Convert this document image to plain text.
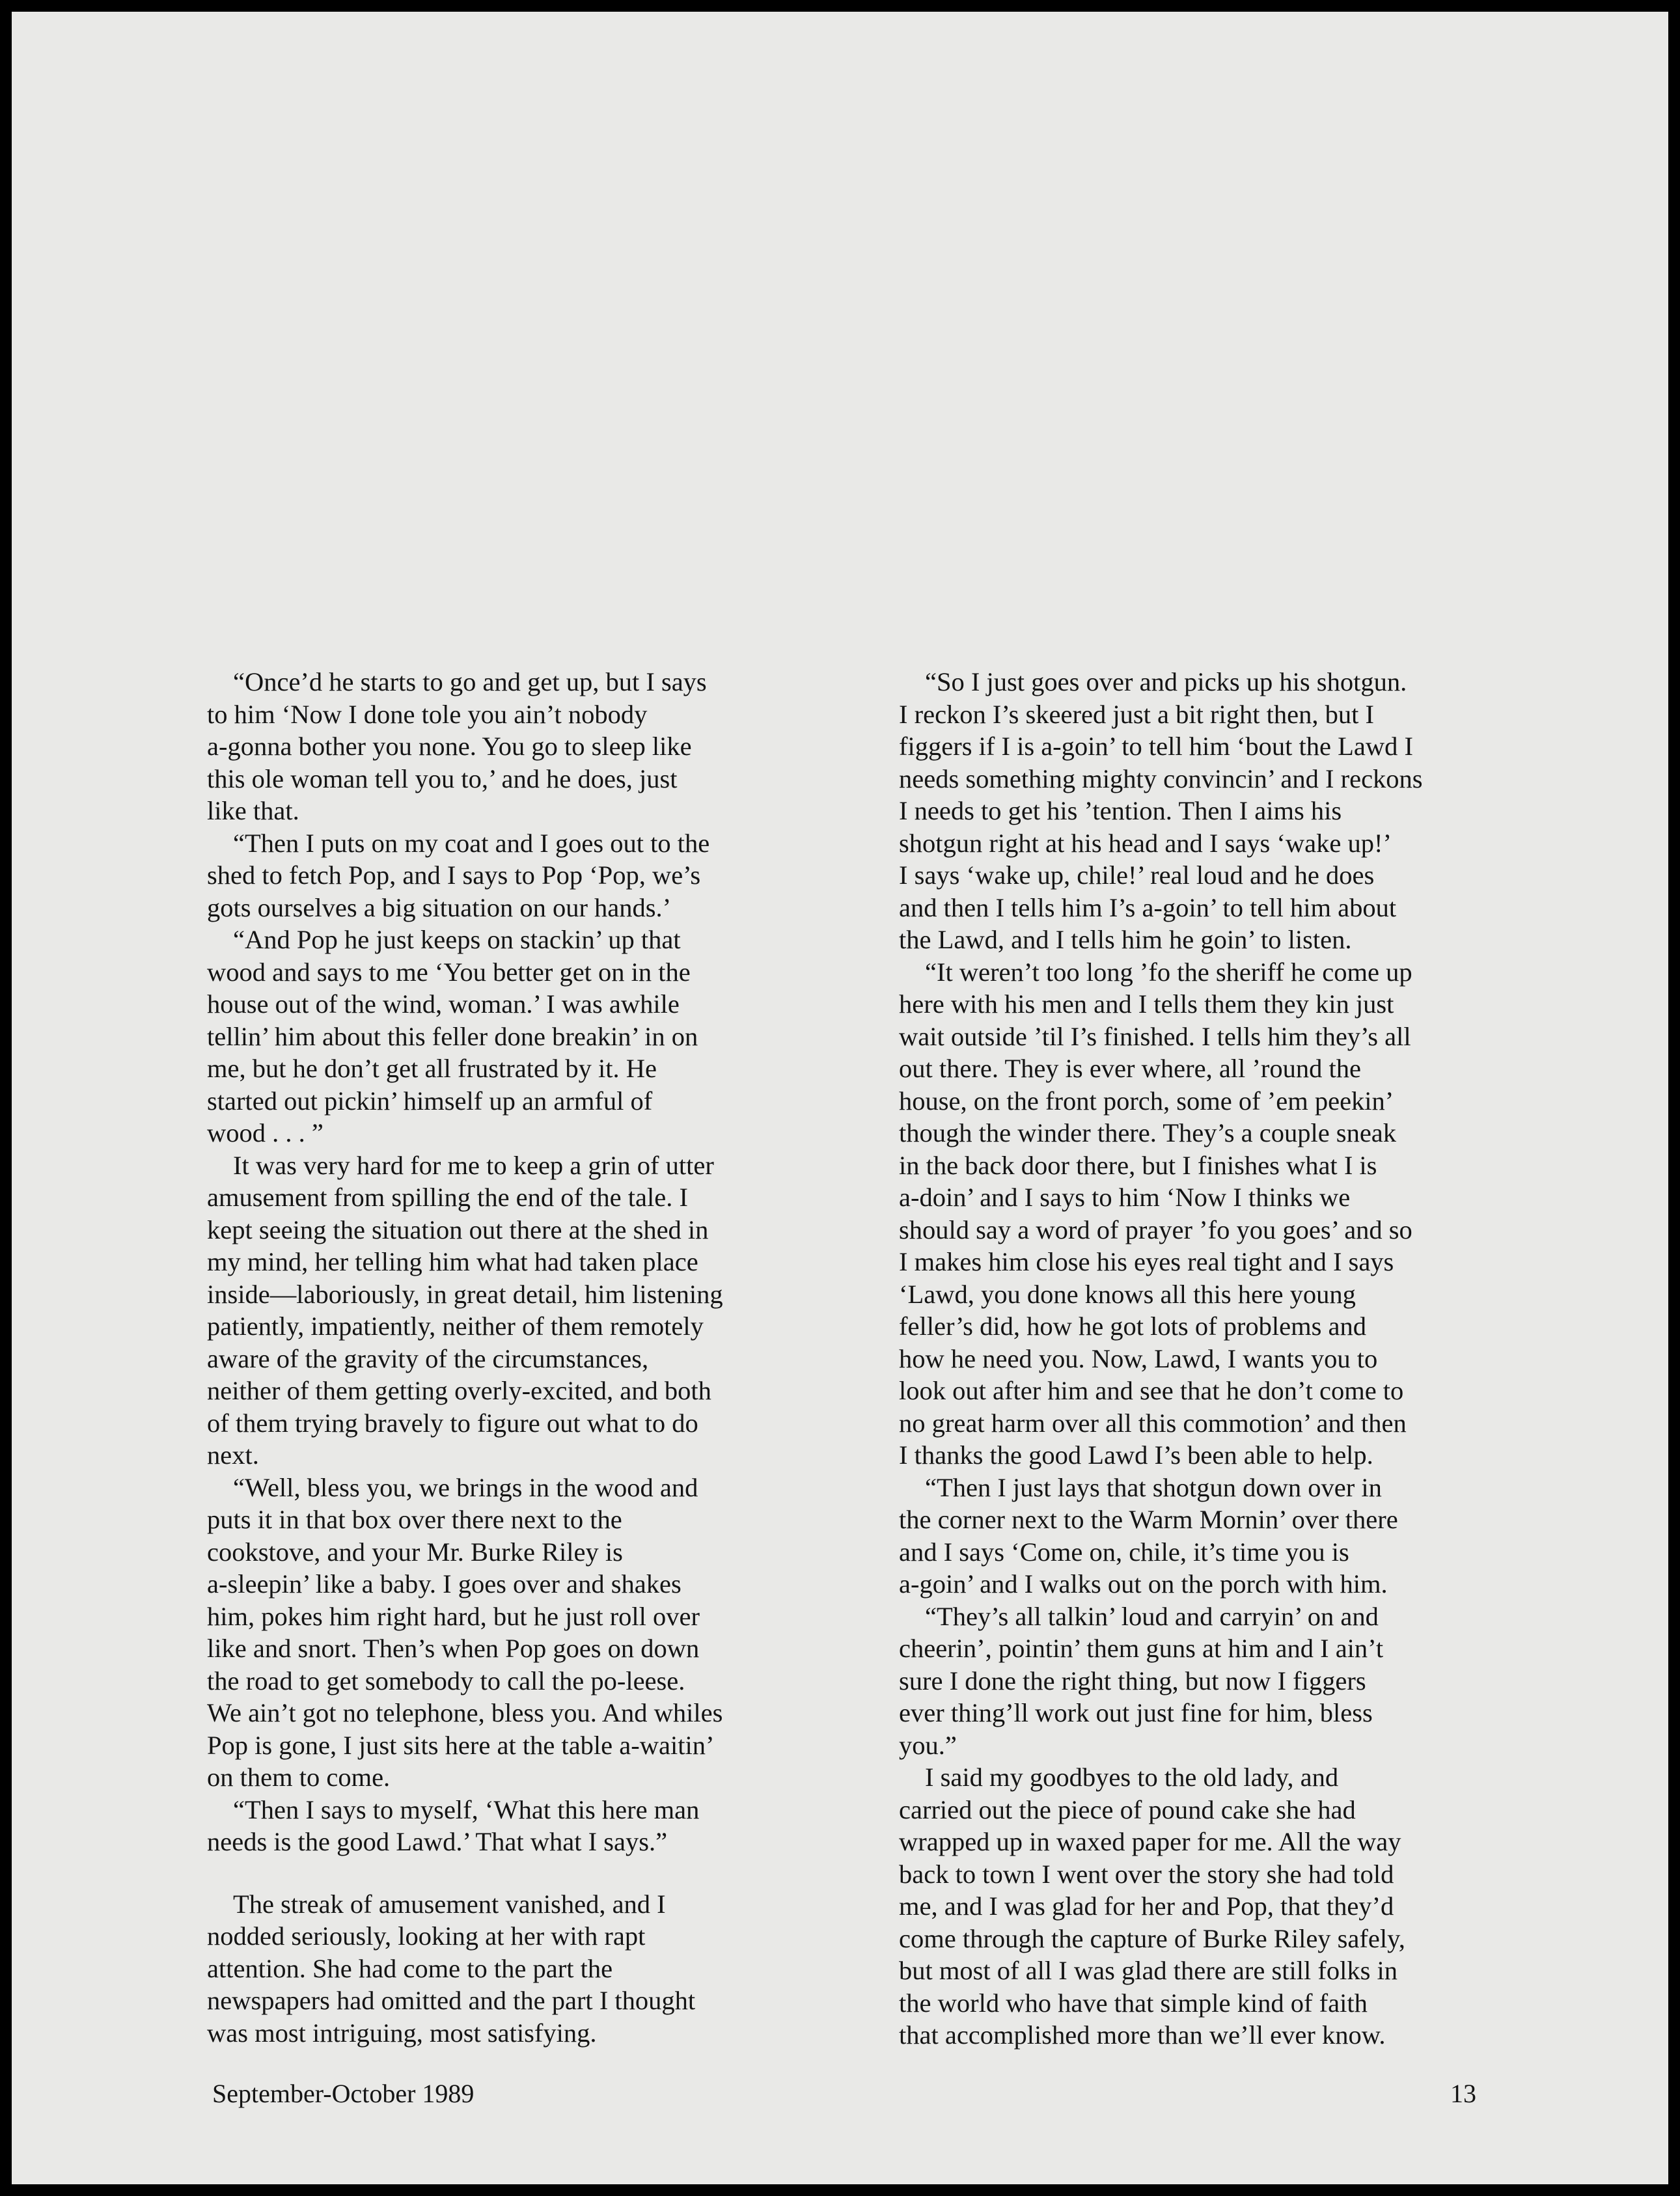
“Once’d he starts to go and get up, but I says
to him ‘Now I done tole you ain’t nobody
a-gonna bother you none. You go to sleep like
this ole woman tell you to,’ and he does, just
like that.

“Then I puts on my coat and I goes out to the
shed to fetch Pop, and I says to Pop ‘Pop, we’s
gots ourselves a big situation on our hands.’

“And Pop he just keeps on stackin’ up that
wood and says to me ‘You better get on in the
house out of the wind, woman.’ I was awhile
tellin’ him about this feller done breakin’ in on
me, but he don’t get all frustrated by it. He
started out pickin’ himself up an armful of
wood . . . ”

It was very hard for me to keep a grin of utter
amusement from spilling the end of the tale. I
kept seeing the situation out there at the shed in
my mind, her telling him what had taken place
inside—laboriously, in great detail, him listening
patiently, impatiently, neither of them remotely
aware of the gravity of the circumstances,
neither of them getting overly-excited, and both
of them trying bravely to figure out what to do
next.

“Well, bless you, we brings in the wood and
puts it in that box over there next to the
cookstove, and your Mr. Burke Riley is
a-sleepin’ like a baby. I goes over and shakes
him, pokes him right hard, but he just roll over
like and snort. Then’s when Pop goes on down
the road to get somebody to call the po-leese.
We ain’t got no telephone, bless you. And whiles
Pop is gone, I just sits here at the table a-waitin’
on them to come.

“Then I says to myself, ‘What this here man
needs is the good Lawd.’ That what I says.”

The streak of amusement vanished, and I
nodded seriously, looking at her with rapt
attention. She had come to the part the
newspapers had omitted and the part I thought
was most intriguing, most satisfying.

“So I just goes over and picks up his shotgun.
I reckon I’s skeered just a bit right then, but I
figgers if I is a-goin’ to tell him ‘bout the Lawd I
needs something mighty convincin’ and I reckons
I needs to get his ’tention. Then I aims his
shotgun right at his head and I says ‘wake up!’
I says ‘wake up, chile!’ real loud and he does
and then I tells him I’s a-goin’ to tell him about
the Lawd, and I tells him he goin’ to listen.

“It weren’t too long ’fo the sheriff he come up
here with his men and I tells them they kin just
wait outside ’til I’s finished. I tells him they’s all
out there. They is ever where, all ’round the
house, on the front porch, some of ’em peekin’
though the winder there. They’s a couple sneak
in the back door there, but I finishes what I is
a-doin’ and I says to him ‘Now I thinks we
should say a word of prayer ’fo you goes’ and so
I makes him close his eyes real tight and I says
‘Lawd, you done knows all this here young
feller’s did, how he got lots of problems and
how he need you. Now, Lawd, I wants you to
look out after him and see that he don’t come to
no great harm over all this commotion’ and then
I thanks the good Lawd I’s been able to help.

“Then I just lays that shotgun down over in
the corner next to the Warm Mornin’ over there
and I says ‘Come on, chile, it’s time you is
a-goin’ and I walks out on the porch with him.

“They’s all talkin’ loud and carryin’ on and
cheerin’, pointin’ them guns at him and I ain’t
sure I done the right thing, but now I figgers
ever thing’ll work out just fine for him, bless
you.”

I said my goodbyes to the old lady, and
carried out the piece of pound cake she had
wrapped up in waxed paper for me. All the way
back to town I went over the story she had told
me, and I was glad for her and Pop, that they’d
come through the capture of Burke Riley safely,
but most of all I was glad there are still folks in
the world who have that simple kind of faith
that accomplished more than we’ll ever know.

September-October 1989	13
